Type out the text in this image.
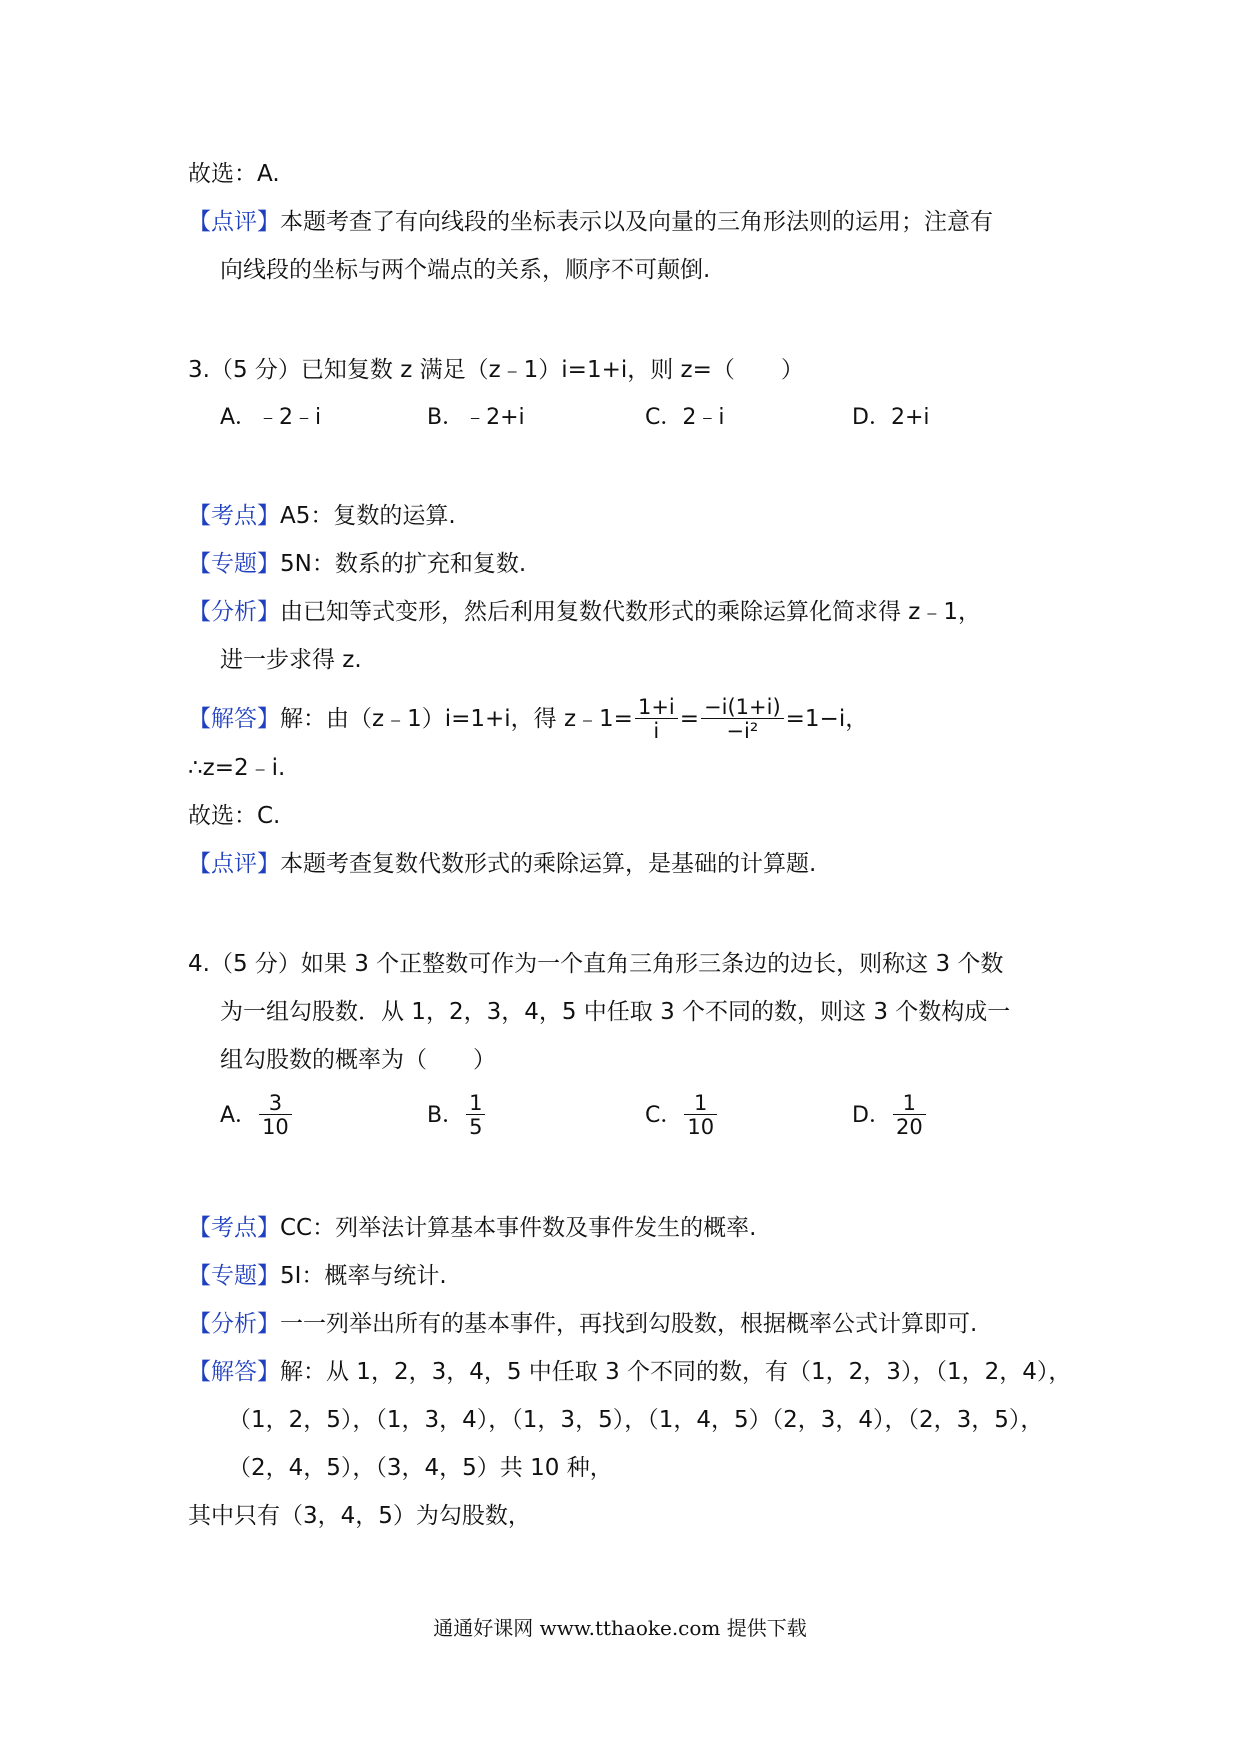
故选：A.
【点评】本题考查了有向线段的坐标表示以及向量的三角形法则的运用；注意有
向线段的坐标与两个端点的关系，顺序不可颠倒.
3.（5 分）已知复数 z 满足（z﹣1）i=1+i，则 z=（　　）
A．﹣2﹣i	B．﹣2+i	C．2﹣i	D．2+i
【考点】A5：复数的运算.
【专题】5N：数系的扩充和复数.
【分析】由已知等式变形，然后利用复数代数形式的乘除运算化简求得 z﹣1，
进一步求得 z.
【解答】 解：由（z﹣1）i=1+i，得 z﹣1= $\frac{1+i}{i} = \frac{-i(1+i)}{\text{−i²}} =1-i$，
∴z=2﹣i.
故选：C.
【点评】本题考查复数代数形式的乘除运算，是基础的计算题.
4.（5 分）如果 3 个正整数可作为一个直角三角形三条边的边长，则称这 3 个数
为一组勾股数．从 1，2，3，4，5 中任取 3 个不同的数，则这 3 个数构成一
组勾股数的概率为（　　）
A． $\frac{3}{10}$	B． $\frac{1}{5}$	C． $\frac{1}{10}$	D． $\frac{1}{20}$
【考点】CC：列举法计算基本事件数及事件发生的概率.
【专题】5I：概率与统计.
【分析】一一列举出所有的基本事件，再找到勾股数，根据概率公式计算即可.
【解答】解：从 1，2，3，4，5 中任取 3 个不同的数，有（1，2，3），（1，2，4），
（1，2，5），（1，3，4），（1，3，5），（1，4，5）（2，3，4），（2，3，5），
（2，4，5），（3，4，5）共 10 种，
其中只有（3，4，5）为勾股数，
通通好课网 www.tthaoke.com 提供下载
